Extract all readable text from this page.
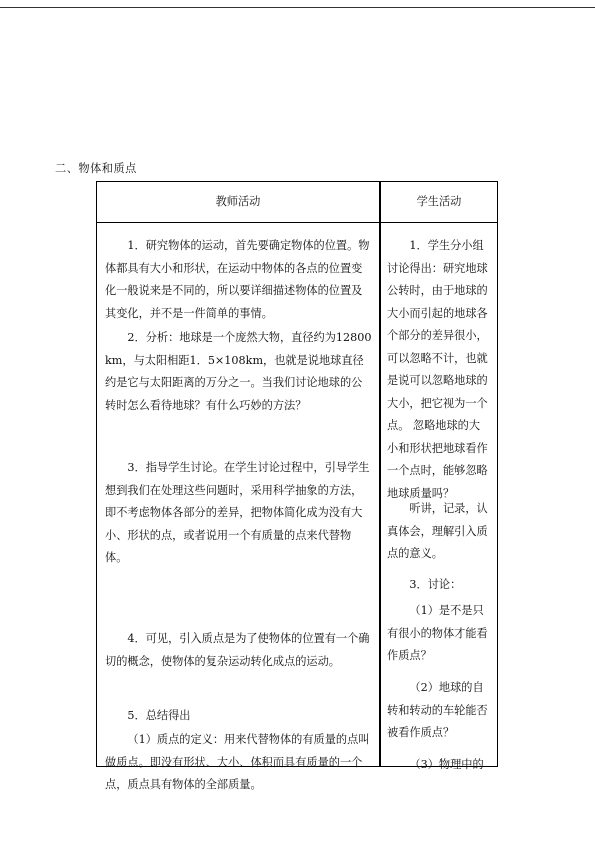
二、物体和质点
教师活动	学生活动

1．研究物体的运动，首先要确定物体的位置。物体都具有大小和形状，在运动中物体的各点的位置变化一般说来是不同的，所以要详细描述物体的位置及其变化，并不是一件简单的事情。

2．分析：地球是一个庞然大物，直径约为12800km，与太阳相距1．5×108km，也就是说地球直径约是它与太阳距离的万分之一。当我们讨论地球的公转时怎么看待地球？有什么巧妙的方法？

3．指导学生讨论。在学生讨论过程中，引导学生想到我们在处理这些问题时，采用科学抽象的方法，即不考虑物体各部分的差异，把物体简化成为没有大小、形状的点，或者说用一个有质量的点来代替物体。

4．可见，引入质点是为了使物体的位置有一个确切的概念，使物体的复杂运动转化成点的运动。

5．总结得出

（1）质点的定义：用来代替物体的有质量的点叫做质点。即没有形状、大小、体积而具有质量的一个点，质点具有物体的全部质量。

1．学生分小组讨论得出：研究地球公转时，由于地球的大小而引起的地球各个部分的差异很小，可以忽略不计，也就是说可以忽略地球的大小，把它视为一个点。 忽略地球的大小和形状把地球看作一个点时，能够忽略地球质量吗？

听讲，记录，认真体会，理解引入质点的意义。

3．讨论：

（1）是不是只有很小的物体才能看作质点？

（2）地球的自转和转动的车轮能否被看作质点？

（3）物理中的
